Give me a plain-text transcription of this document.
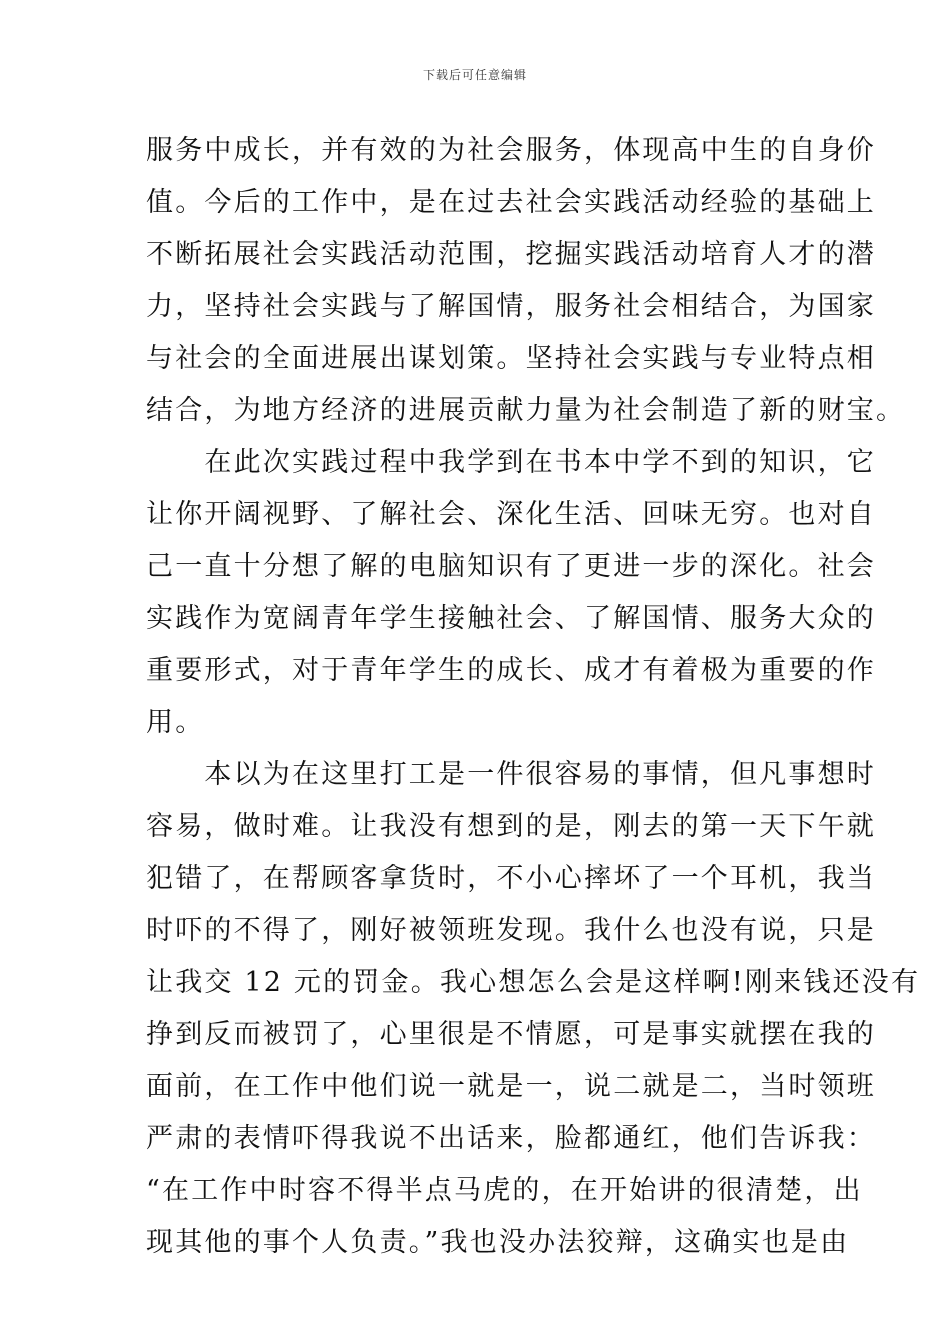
下载后可任意编辑
服务中成长，并有效的为社会服务，体现高中生的自身价
值。今后的工作中，是在过去社会实践活动经验的基础上
不断拓展社会实践活动范围，挖掘实践活动培育人才的潜
力，坚持社会实践与了解国情，服务社会相结合，为国家
与社会的全面进展出谋划策。坚持社会实践与专业特点相
结合，为地方经济的进展贡献力量为社会制造了新的财宝。
　　在此次实践过程中我学到在书本中学不到的知识，它
让你开阔视野、了解社会、深化生活、回味无穷。也对自
己一直十分想了解的电脑知识有了更进一步的深化。社会
实践作为宽阔青年学生接触社会、了解国情、服务大众的
重要形式，对于青年学生的成长、成才有着极为重要的作
用。
　　本以为在这里打工是一件很容易的事情，但凡事想时
容易，做时难。让我没有想到的是，刚去的第一天下午就
犯错了，在帮顾客拿货时，不小心摔坏了一个耳机，我当
时吓的不得了，刚好被领班发现。我什么也没有说，只是
让我交 12 元的罚金。我心想怎么会是这样啊!刚来钱还没有
挣到反而被罚了，心里很是不情愿，可是事实就摆在我的
面前，在工作中他们说一就是一，说二就是二，当时领班
严肃的表情吓得我说不出话来，脸都通红，他们告诉我：
“在工作中时容不得半点马虎的，在开始讲的很清楚，出
现其他的事个人负责。”我也没办法狡辩，这确实也是由
